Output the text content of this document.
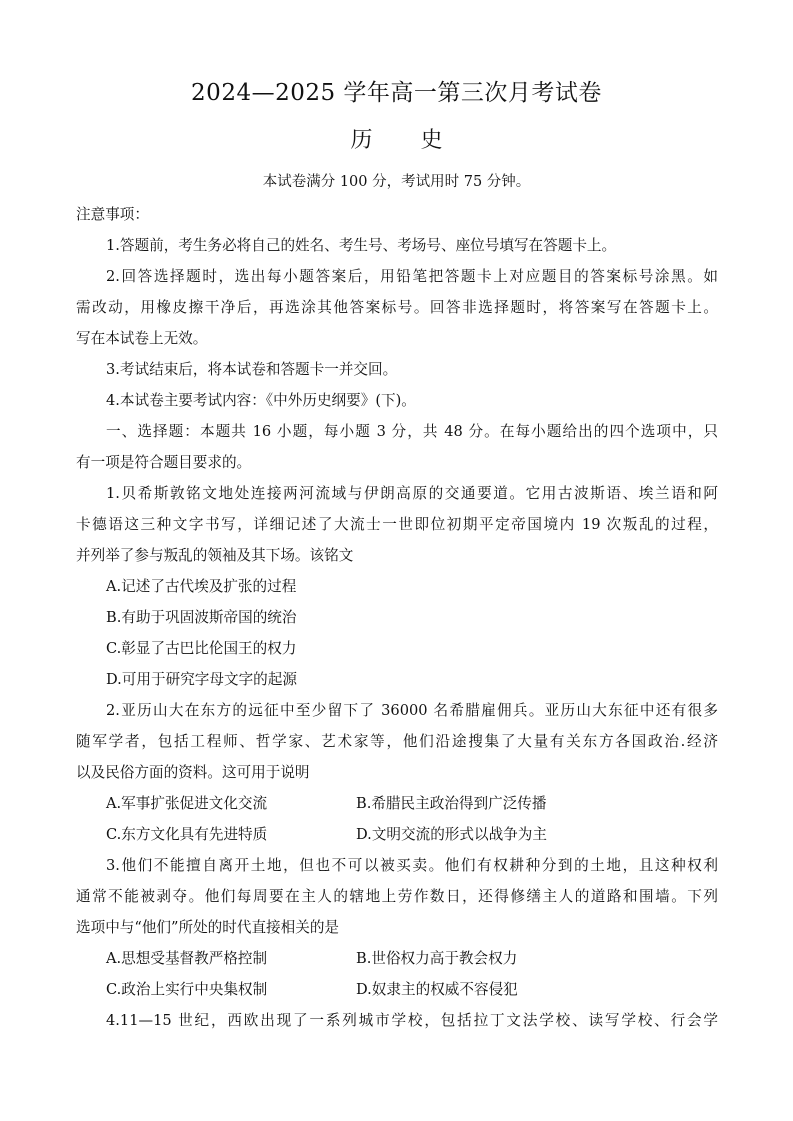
2024—2025 学年高一第三次月考试卷
历 史
本试卷满分 100 分，考试用时 75 分钟。
注意事项：
1.答题前，考生务必将自己的姓名、考生号、考场号、座位号填写在答题卡上。
2.回答选择题时，选出每小题答案后，用铅笔把答题卡上对应题目的答案标号涂黑。如
需改动，用橡皮擦干净后，再选涂其他答案标号。回答非选择题时，将答案写在答题卡上。
写在本试卷上无效。
3.考试结束后，将本试卷和答题卡一并交回。
4.本试卷主要考试内容：《中外历史纲要》(下)。
一、选择题：本题共 16 小题，每小题 3 分，共 48 分。在每小题给出的四个选项中，只
有一项是符合题目要求的。
1.贝希斯敦铭文地处连接两河流域与伊朗高原的交通要道。它用古波斯语、埃兰语和阿
卡德语这三种文字书写，详细记述了大流士一世即位初期平定帝国境内 19 次叛乱的过程，
并列举了参与叛乱的领袖及其下场。该铭文
A.记述了古代埃及扩张的过程
B.有助于巩固波斯帝国的统治
C.彰显了古巴比伦国王的权力
D.可用于研究字母文字的起源
2.亚历山大在东方的远征中至少留下了 36000 名希腊雇佣兵。亚历山大东征中还有很多
随军学者，包括工程师、哲学家、艺术家等，他们沿途搜集了大量有关东方各国政治.经济
以及民俗方面的资料。这可用于说明
A.军事扩张促进文化交流	B.希腊民主政治得到广泛传播
C.东方文化具有先进特质	D.文明交流的形式以战争为主
3.他们不能擅自离开土地，但也不可以被买卖。他们有权耕种分到的土地，且这种权利
通常不能被剥夺。他们每周要在主人的辖地上劳作数日，还得修缮主人的道路和围墙。下列
选项中与“他们”所处的时代直接相关的是
A.思想受基督教严格控制	B.世俗权力高于教会权力
C.政治上实行中央集权制	D.奴隶主的权威不容侵犯
4.11—15 世纪，西欧出现了一系列城市学校，包括拉丁文法学校、读写学校、行会学
